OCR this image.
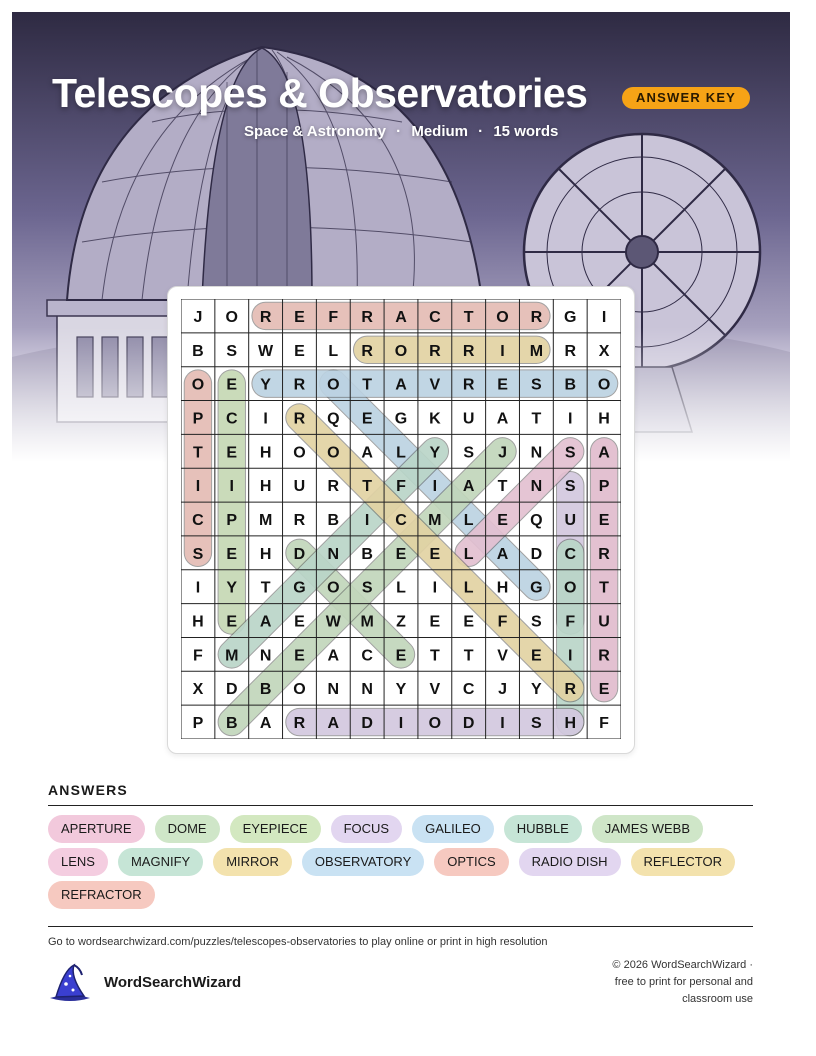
Telescopes & Observatories	ANSWER KEY
Space & Astronomy · Medium · 15 words
J O R E F R A C T O R G I
B S W E L R O R R I M R X
O E Y R O T A V R E S B O
P C I R Q E G K U A T I H
T E H O O A L Y S J N S A
I I H U R T F I A T N S P
C P M R B I C M L E Q U E
S E H D N B E E L A D C R
I Y T G O S L I L H G O T
H E A E W M Z E E F S F U
F M N E A C E T T V E I R
X D B O N N Y V C J Y R E
P B A R A D I O D I S H F
ANSWERS
APERTURE	DOME	EYEPIECE	FOCUS	GALILEO	HUBBLE	JAMES WEBB
LENS	MAGNIFY	MIRROR	OBSERVATORY	OPTICS	RADIO DISH	REFLECTOR
REFRACTOR
Go to wordsearchwizard.com/puzzles/telescopes-observatories to play online or print in high resolution
WordSearchWizard
© 2026 WordSearchWizard ·
free to print for personal and
classroom use
